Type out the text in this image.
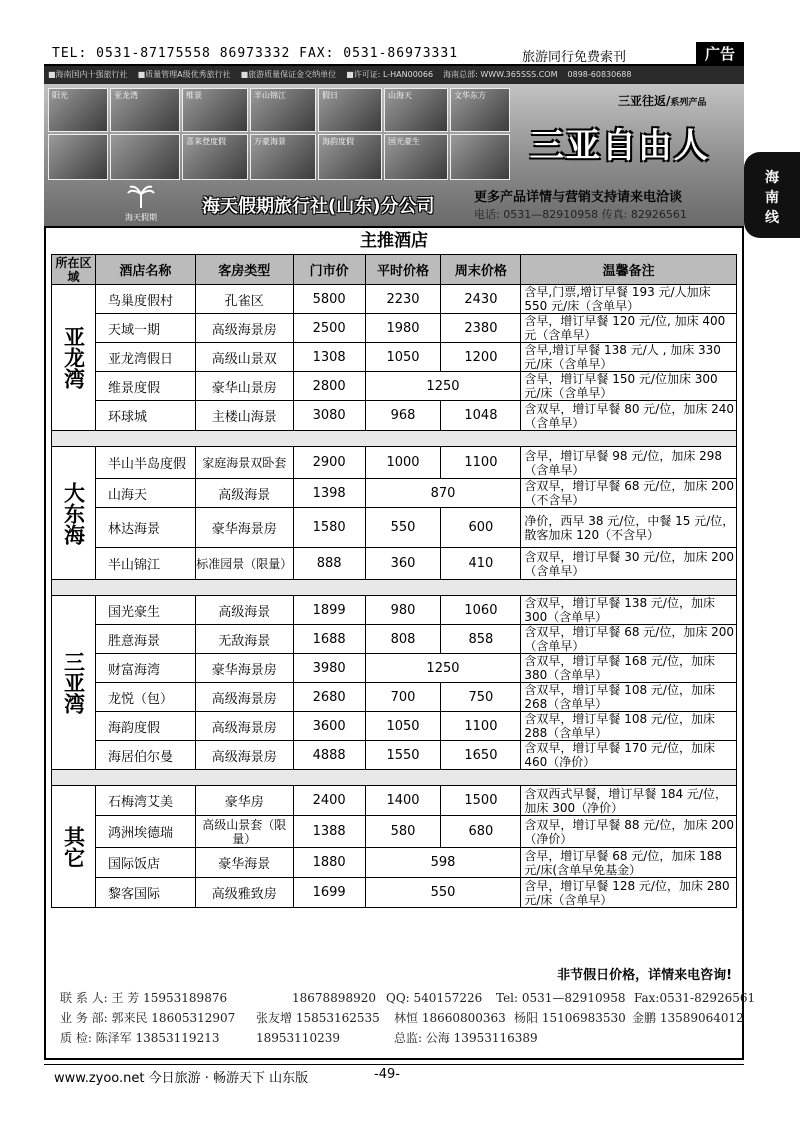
TEL: 0531-87175558 86973332 FAX: 0531-86973331	旅游同行免费索刊	广告
■海南国内十强旅行社 ■质量管理A级优秀旅行社 ■旅游质量保证金交纳单位 ■许可证: L-HAN00066 海南总部: WWW.365SSS.COM 0898-60830688
阳光	亚龙湾	维景	半山锦江	假日	山海天	文华东方
喜来登度假	万豪海景	海韵度假	国光豪生
三亚往返/系列产品
三亚自由人
海天假期
海天假期旅行社(山东)分公司	更多产品详情与营销支持请来电洽谈
电话: 0531—82910958 传真: 82926561
海
南
线
主推酒店
所在区域	酒店名称	客房类型	门市价	平时价格	周末价格	温馨备注

亚龙湾	鸟巢度假村	孔雀区	5800	2230	2430	含早,门票,增订早餐 193 元/人加床 550 元/床（含单早）
	天域一期	高级海景房	2500	1980	2380	含早，增订早餐 120 元/位, 加床 400 元（含单早）
	亚龙湾假日	高级山景双	1308	1050	1200	含早,增订早餐 138 元/人 , 加床 330 元/床（含单早）
	维景度假	豪华山景房	2800	1250		含早，增订早餐 150 元/位加床 300 元/床（含单早）
	环球城	主楼山海景	3080	968	1048	含双早，增订早餐 80 元/位，加床 240（含单早）

大东海	半山半岛度假	家庭海景双卧套	2900	1000	1100	含早，增订早餐 98 元/位，加床 298（含单早）
	山海天	高级海景	1398	870		含双早，增订早餐 68 元/位，加床 200（不含早）
	林达海景	豪华海景房	1580	550	600	净价，西早 38 元/位，中餐 15 元/位，散客加床 120（不含早）
	半山锦江	标准园景（限量）	888	360	410	含双早，增订早餐 30 元/位，加床 200（含单早）

三亚湾	国光豪生	高级海景	1899	980	1060	含双早，增订早餐 138 元/位，加床 300（含单早）
	胜意海景	无敌海景	1688	808	858	含双早，增订早餐 68 元/位，加床 200（含单早）
	财富海湾	豪华海景房	3980	1250		含双早，增订早餐 168 元/位，加床 380（含单早）
	龙悦（包）	高级海景房	2680	700	750	含双早，增订早餐 108 元/位，加床 268（含单早）
	海韵度假	高级海景房	3600	1050	1100	含双早，增订早餐 108 元/位，加床 288（含单早）
	海居伯尔曼	高级海景房	4888	1550	1650	含双早，增订早餐 170 元/位，加床 460（净价）

其它	石梅湾艾美	豪华房	2400	1400	1500	含双西式早餐，增订早餐 184 元/位，加床 300（净价）
	鸿洲埃德瑞	高级山景套（限量）	1388	580	680	含双早，增订早餐 88 元/位，加床 200（净价）
	国际饭店	豪华海景	1880	598		含早，增订早餐 68 元/位，加床 188 元/床(含单早免基金）
	黎客国际	高级雅致房	1699	550		含早，增订早餐 128 元/位，加床 280 元/床（含单早）
非节假日价格，详情来电咨询!
联 系 人: 王 芳 15953189876	18678898920 QQ: 540157226 Tel: 0531—82910958 Fax:0531-82926561
业 务 部: 郭来民 18605312907 张友增 15853162535 林恒 18660800363 杨阳 15106983530 金鹏 13589064012
质 检: 陈泽军 13853119213	18953110239	总监: 公海 13953116389
www.zyoo.net 今日旅游 · 畅游天下 山东版	-49-
